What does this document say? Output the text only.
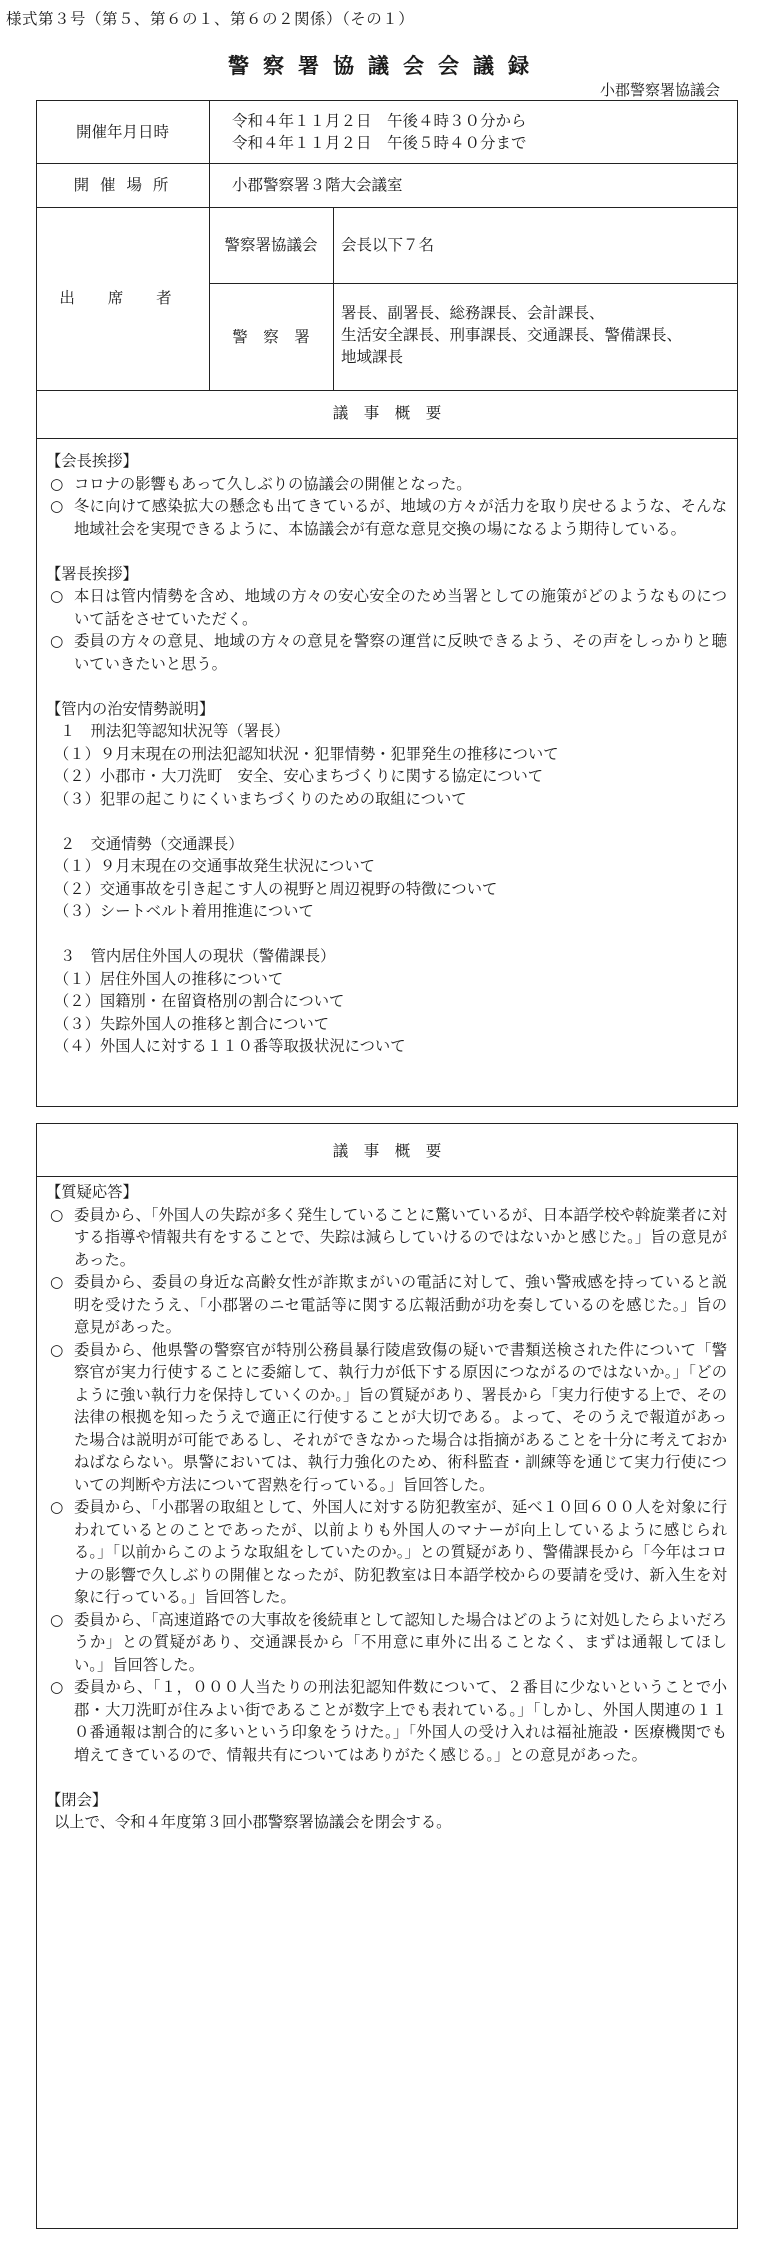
様式第３号（第５、第６の１、第６の２関係）（その１）
警察署協議会会議録
小郡警察署協議会
開催年月日時
令和４年１１月２日　午後４時３０分から
令和４年１１月２日　午後５時４０分まで
開 催 場 所	小郡警察署３階大会議室
出 席 者
警察署協議会	会長以下７名
警　察　署
署長、副署長、総務課長、会計課長、
生活安全課長、刑事課長、交通課長、警備課長、
地域課長
議　事　概　要
【会長挨拶】
○ コロナの影響もあって久しぶりの協議会の開催となった。
○ 冬に向けて感染拡大の懸念も出てきているが、地域の方々が活力を取り戻せるような、そんな地域社会を実現できるように、本協議会が有意な意見交換の場になるよう期待している。
【署長挨拶】
○ 本日は管内情勢を含め、地域の方々の安心安全のため当署としての施策がどのようなものについて話をさせていただく。
○ 委員の方々の意見、地域の方々の意見を警察の運営に反映できるよう、その声をしっかりと聴いていきたいと思う。
【管内の治安情勢説明】
１　刑法犯等認知状況等（署長）
（１）９月末現在の刑法犯認知状況・犯罪情勢・犯罪発生の推移について
（２）小郡市・大刀洗町　安全、安心まちづくりに関する協定について
（３）犯罪の起こりにくいまちづくりのための取組について
２　交通情勢（交通課長）
（１）９月末現在の交通事故発生状況について
（２）交通事故を引き起こす人の視野と周辺視野の特徴について
（３）シートベルト着用推進について
３　管内居住外国人の現状（警備課長）
（１）居住外国人の推移について
（２）国籍別・在留資格別の割合について
（３）失踪外国人の推移と割合について
（４）外国人に対する１１０番等取扱状況について
議　事　概　要
【質疑応答】
○ 委員から、「外国人の失踪が多く発生していることに驚いているが、日本語学校や斡旋業者に対する指導や情報共有をすることで、失踪は減らしていけるのではないかと感じた。」旨の意見があった。
○ 委員から、委員の身近な高齢女性が詐欺まがいの電話に対して、強い警戒感を持っていると説明を受けたうえ、「小郡署のニセ電話等に関する広報活動が功を奏しているのを感じた。」旨の意見があった。
○ 委員から、他県警の警察官が特別公務員暴行陵虐致傷の疑いで書類送検された件について「警察官が実力行使することに委縮して、執行力が低下する原因につながるのではないか。」「どのように強い執行力を保持していくのか。」旨の質疑があり、署長から「実力行使する上で、その法律の根拠を知ったうえで適正に行使することが大切である。よって、そのうえで報道があった場合は説明が可能であるし、それができなかった場合は指摘があることを十分に考えておかねばならない。県警においては、執行力強化のため、術科監査・訓練等を通じて実力行使についての判断や方法について習熟を行っている。」旨回答した。
○ 委員から、「小郡署の取組として、外国人に対する防犯教室が、延べ１０回６００人を対象に行われているとのことであったが、以前よりも外国人のマナーが向上しているように感じられる。」「以前からこのような取組をしていたのか。」との質疑があり、警備課長から「今年はコロナの影響で久しぶりの開催となったが、防犯教室は日本語学校からの要請を受け、新入生を対象に行っている。」旨回答した。
○ 委員から、「高速道路での大事故を後続車として認知した場合はどのように対処したらよいだろうか」との質疑があり、交通課長から「不用意に車外に出ることなく、まずは通報してほしい。」旨回答した。
○ 委員から、「１，０００人当たりの刑法犯認知件数について、２番目に少ないということで小郡・大刀洗町が住みよい街であることが数字上でも表れている。」「しかし、外国人関連の１１０番通報は割合的に多いという印象をうけた。」「外国人の受け入れは福祉施設・医療機関でも増えてきているので、情報共有についてはありがたく感じる。」との意見があった。
【閉会】
以上で、令和４年度第３回小郡警察署協議会を閉会する。
